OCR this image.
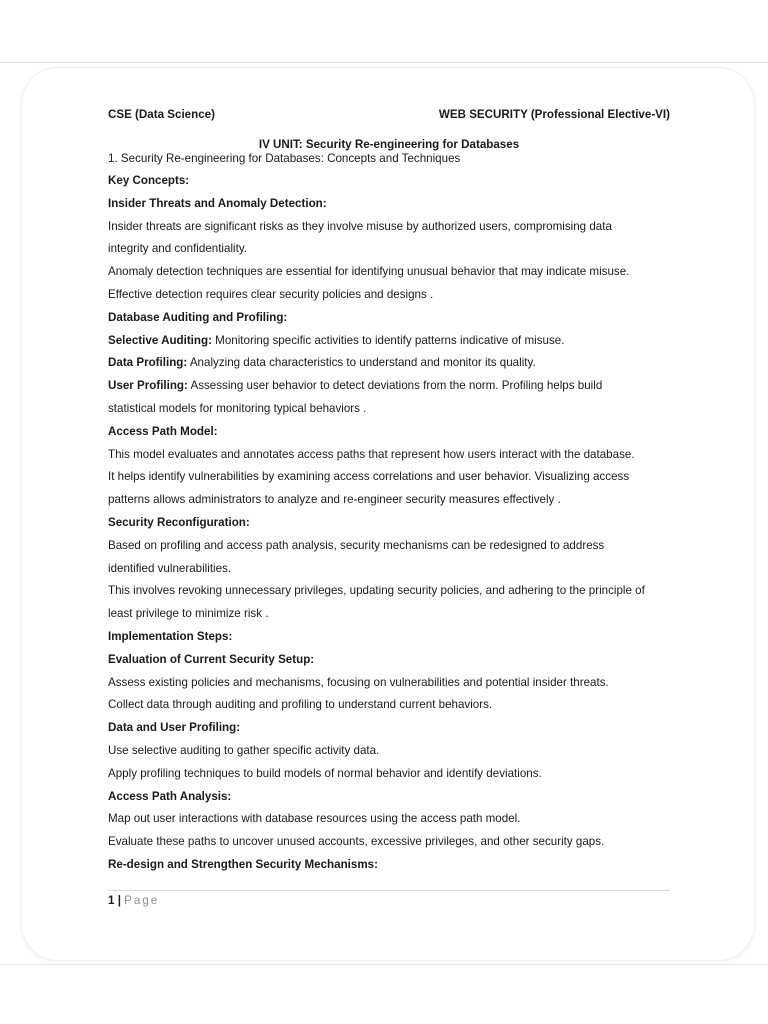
CSE (Data Science)	WEB SECURITY (Professional Elective-VI)
IV UNIT: Security Re-engineering for Databases
1. Security Re-engineering for Databases: Concepts and Techniques
Key Concepts:
Insider Threats and Anomaly Detection:
Insider threats are significant risks as they involve misuse by authorized users, compromising data
integrity and confidentiality.
Anomaly detection techniques are essential for identifying unusual behavior that may indicate misuse.
Effective detection requires clear security policies and designs .
Database Auditing and Profiling:
Selective Auditing: Monitoring specific activities to identify patterns indicative of misuse.
Data Profiling: Analyzing data characteristics to understand and monitor its quality.
User Profiling: Assessing user behavior to detect deviations from the norm. Profiling helps build
statistical models for monitoring typical behaviors .
Access Path Model:
This model evaluates and annotates access paths that represent how users interact with the database.
It helps identify vulnerabilities by examining access correlations and user behavior. Visualizing access
patterns allows administrators to analyze and re-engineer security measures effectively .
Security Reconfiguration:
Based on profiling and access path analysis, security mechanisms can be redesigned to address
identified vulnerabilities.
This involves revoking unnecessary privileges, updating security policies, and adhering to the principle of
least privilege to minimize risk .
Implementation Steps:
Evaluation of Current Security Setup:
Assess existing policies and mechanisms, focusing on vulnerabilities and potential insider threats.
Collect data through auditing and profiling to understand current behaviors.
Data and User Profiling:
Use selective auditing to gather specific activity data.
Apply profiling techniques to build models of normal behavior and identify deviations.
Access Path Analysis:
Map out user interactions with database resources using the access path model.
Evaluate these paths to uncover unused accounts, excessive privileges, and other security gaps.
Re-design and Strengthen Security Mechanisms:
1 | Page
